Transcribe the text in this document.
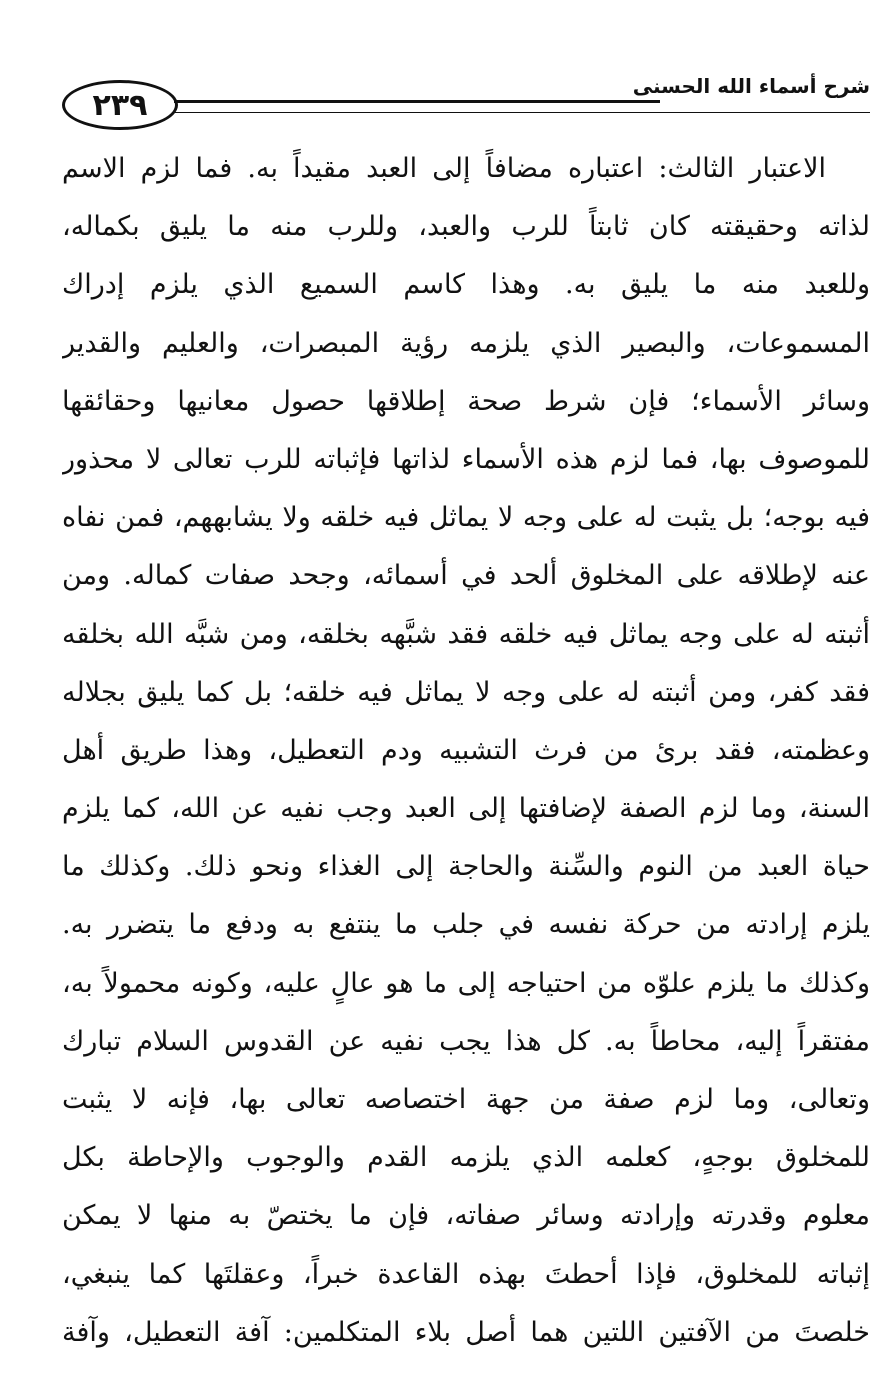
٢٣٩
شرح أسماء الله الحسنى
الاعتبار الثالث: اعتباره مضافاً إلى العبد مقيداً به. فما لزم الاسم
لذاته وحقيقته كان ثابتاً للرب والعبد، وللرب منه ما يليق بكماله،
وللعبد منه ما يليق به. وهذا كاسم السميع الذي يلزم إدراك
المسموعات، والبصير الذي يلزمه رؤية المبصرات، والعليم والقدير
وسائر الأسماء؛ فإن شرط صحة إطلاقها حصول معانيها وحقائقها
للموصوف بها، فما لزم هذه الأسماء لذاتها فإثباته للرب تعالى لا محذور
فيه بوجه؛ بل يثبت له على وجه لا يماثل فيه خلقه ولا يشابههم، فمن نفاه
عنه لإطلاقه على المخلوق ألحد في أسمائه، وجحد صفات كماله. ومن
أثبته له على وجه يماثل فيه خلقه فقد شبَّهه بخلقه، ومن شبَّه الله بخلقه
فقد كفر، ومن أثبته له على وجه لا يماثل فيه خلقه؛ بل كما يليق بجلاله
وعظمته، فقد برئ من فرث التشبيه ودم التعطيل، وهذا طريق أهل
السنة، وما لزم الصفة لإضافتها إلى العبد وجب نفيه عن الله، كما يلزم
حياة العبد من النوم والسِّنة والحاجة إلى الغذاء ونحو ذلك. وكذلك ما
يلزم إرادته من حركة نفسه في جلب ما ينتفع به ودفع ما يتضرر به.
وكذلك ما يلزم علوّه من احتياجه إلى ما هو عالٍ عليه، وكونه محمولاً به،
مفتقراً إليه، محاطاً به. كل هذا يجب نفيه عن القدوس السلام تبارك
وتعالى، وما لزم صفة من جهة اختصاصه تعالى بها، فإنه لا يثبت
للمخلوق بوجهٍ، كعلمه الذي يلزمه القدم والوجوب والإحاطة بكل
معلوم وقدرته وإرادته وسائر صفاته، فإن ما يختصّ به منها لا يمكن
إثباته للمخلوق، فإذا أحطتَ بهذه القاعدة خبراً، وعقلتَها كما ينبغي،
خلصتَ من الآفتين اللتين هما أصل بلاء المتكلمين: آفة التعطيل، وآفة
